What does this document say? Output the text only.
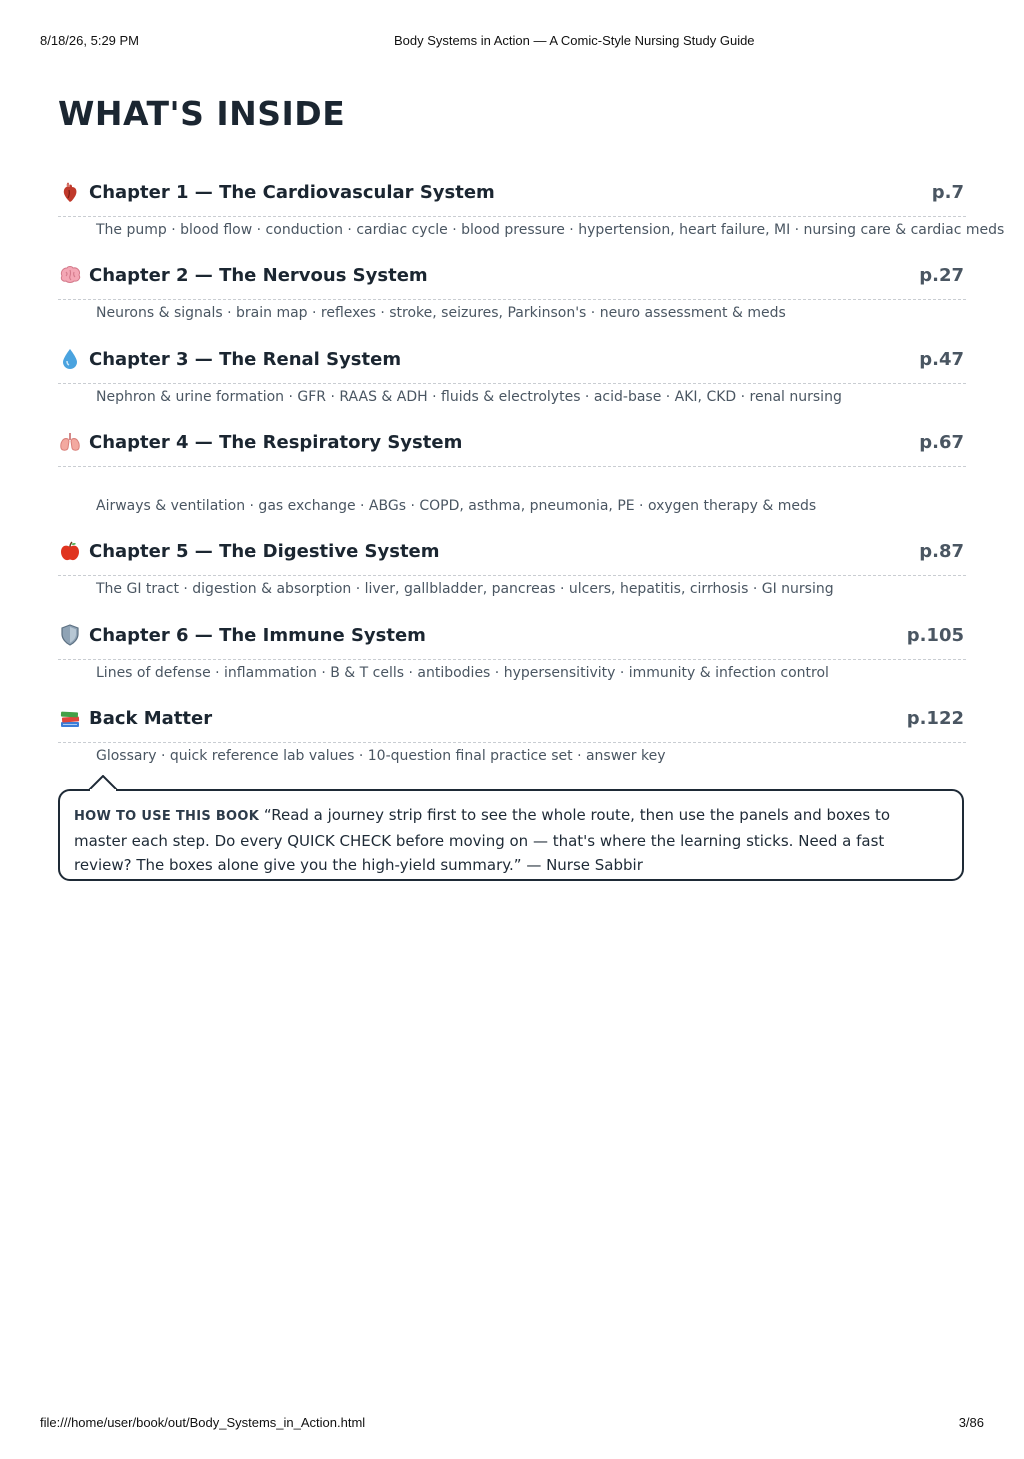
8/18/26, 5:29 PM	Body Systems in Action — A Comic-Style Nursing Study Guide
WHAT'S INSIDE
Chapter 1 — The Cardiovascular System	p.7
The pump · blood flow · conduction · cardiac cycle · blood pressure · hypertension, heart failure, MI · nursing care & cardiac meds
Chapter 2 — The Nervous System	p.27
Neurons & signals · brain map · reflexes · stroke, seizures, Parkinson's · neuro assessment & meds
Chapter 3 — The Renal System	p.47
Nephron & urine formation · GFR · RAAS & ADH · fluids & electrolytes · acid-base · AKI, CKD · renal nursing
Chapter 4 — The Respiratory System	p.67
Airways & ventilation · gas exchange · ABGs · COPD, asthma, pneumonia, PE · oxygen therapy & meds
Chapter 5 — The Digestive System	p.87
The GI tract · digestion & absorption · liver, gallbladder, pancreas · ulcers, hepatitis, cirrhosis · GI nursing
Chapter 6 — The Immune System	p.105
Lines of defense · inflammation · B & T cells · antibodies · hypersensitivity · immunity & infection control
Back Matter	p.122
Glossary · quick reference lab values · 10-question final practice set · answer key
HOW TO USE THIS BOOK “Read a journey strip first to see the whole route, then use the panels and boxes to master each step. Do every QUICK CHECK before moving on — that's where the learning sticks. Need a fast review? The boxes alone give you the high-yield summary.” — Nurse Sabbir
file:///home/user/book/out/Body_Systems_in_Action.html	3/86
